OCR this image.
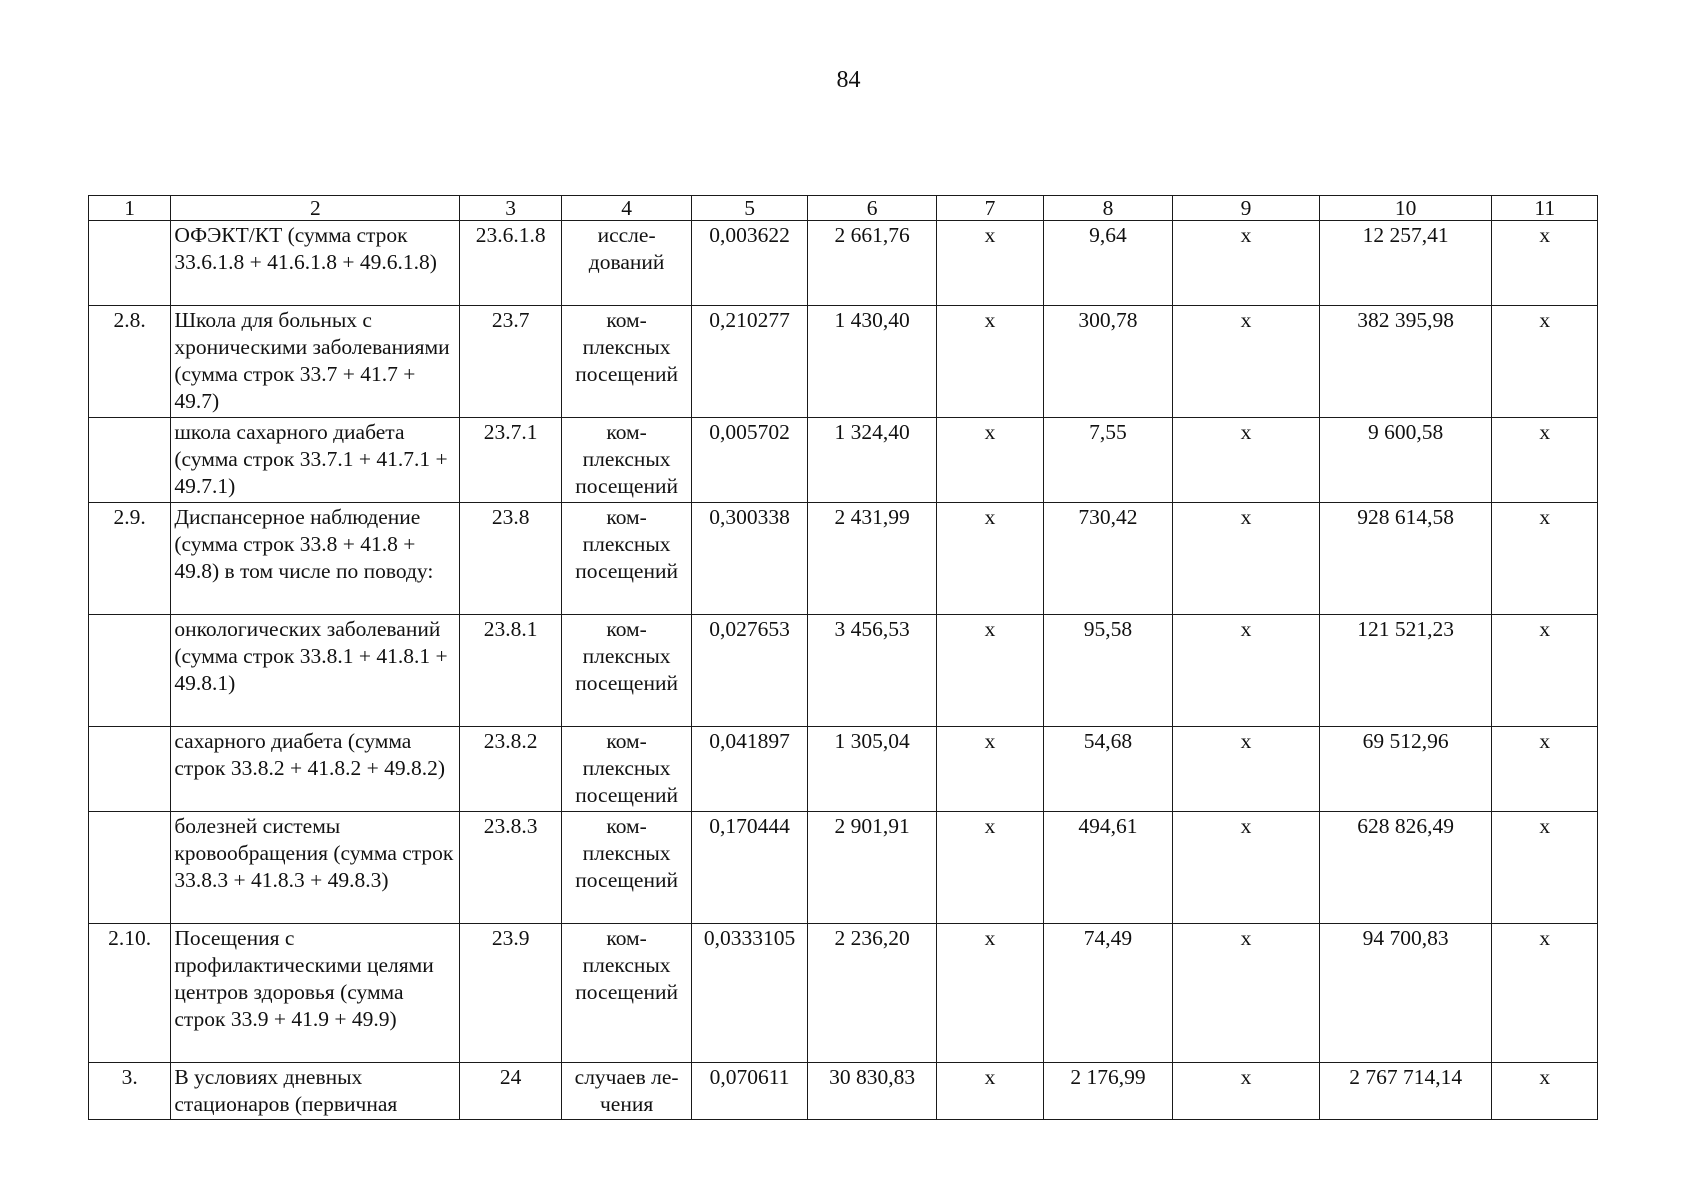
84
1	2	3	4	5	6	7	8	9	10	11
	ОФЭКТ/КТ (сумма строк 33.6.1.8 + 41.6.1.8 + 49.6.1.8)	23.6.1.8	иссле-дований	0,003622	2 661,76	х	9,64	х	12 257,41	х
2.8.	Школа для больных с хроническими заболеваниями (сумма строк 33.7 + 41.7 + 49.7)	23.7	ком-плексных посещений	0,210277	1 430,40	х	300,78	х	382 395,98	х
	школа сахарного диабета (сумма строк 33.7.1 + 41.7.1 + 49.7.1)	23.7.1	ком-плексных посещений	0,005702	1 324,40	х	7,55	х	9 600,58	х
2.9.	Диспансерное наблюдение (сумма строк 33.8 + 41.8 + 49.8) в том числе по поводу:	23.8	ком-плексных посещений	0,300338	2 431,99	х	730,42	х	928 614,58	х
	онкологических заболеваний (сумма строк 33.8.1 + 41.8.1 + 49.8.1)	23.8.1	ком-плексных посещений	0,027653	3 456,53	х	95,58	х	121 521,23	х
	сахарного диабета (сумма строк 33.8.2 + 41.8.2 + 49.8.2)	23.8.2	ком-плексных посещений	0,041897	1 305,04	х	54,68	х	69 512,96	х
	болезней системы кровообращения (сумма строк 33.8.3 + 41.8.3 + 49.8.3)	23.8.3	ком-плексных посещений	0,170444	2 901,91	х	494,61	х	628 826,49	х
2.10.	Посещения с профилактическими целями центров здоровья (сумма строк 33.9 + 41.9 + 49.9)	23.9	ком-плексных посещений	0,0333105	2 236,20	х	74,49	х	94 700,83	х
3.	В условиях дневных стационаров (первичная	24	случаев ле-чения	0,070611	30 830,83	х	2 176,99	х	2 767 714,14	х
